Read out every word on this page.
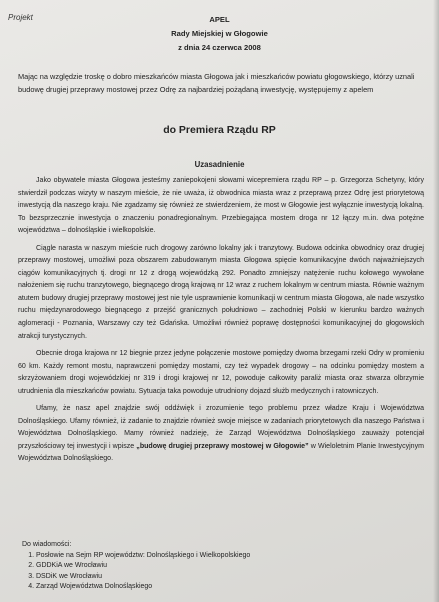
Projekt	APEL
Rady Miejskiej w Głogowie
z dnia 24 czerwca 2008

Mając na względzie troskę o dobro mieszkańców miasta Głogowa jak i mieszkańców powiatu głogowskiego, którzy uznali budowę drugiej przeprawy mostowej przez Odrę za najbardziej pożądaną inwestycję, występujemy z apelem

do Premiera Rządu RP
Uzasadnienie

Jako obywatele miasta Głogowa jesteśmy zaniepokojeni słowami wicepremiera rządu RP – p. Grzegorza Schetyny, który stwierdził podczas wizyty w naszym mieście, że nie uważa, iż obwodnica miasta wraz z przeprawą przez Odrę jest priorytetową inwestycją dla naszego kraju. Nie zgadzamy się również ze stwierdzeniem, że most w Głogowie jest wyłącznie inwestycją lokalną. To bezsprzecznie inwestycja o znaczeniu ponadregionalnym. Przebiegająca mostem droga nr 12 łączy m.in. dwa potężne województwa – dolnośląskie i wielkopolskie.

Ciągle narasta w naszym mieście ruch drogowy zarówno lokalny jak i tranzytowy. Budowa odcinka obwodnicy oraz drugiej przeprawy mostowej, umożliwi poza obszarem zabudowanym miasta Głogowa spięcie komunikacyjne dwóch najważniejszych ciągów komunikacyjnych tj. drogi nr 12 z drogą wojewódzką 292. Ponadto zmniejszy natężenie ruchu kołowego wywołane nałożeniem się ruchu tranzytowego, biegnącego drogą krajową nr 12 wraz z ruchem lokalnym w centrum miasta. Równie ważnym atutem budowy drugiej przeprawy mostowej jest nie tyle usprawnienie komunikacji w centrum miasta Głogowa, ale nade wszystko ruchu międzynarodowego biegnącego z przejść granicznych południowo – zachodniej Polski w kierunku bardzo ważnych aglomeracji - Poznania, Warszawy czy też Gdańska. Umożliwi również poprawę dostępności komunikacyjnej do głogowskich atrakcji turystycznych.

Obecnie droga krajowa nr 12 biegnie przez jedyne połączenie mostowe pomiędzy dwoma brzegami rzeki Odry w promieniu 60 km. Każdy remont mostu, naprawczeni pomiędzy mostami, czy też wypadek drogowy – na odcinku pomiędzy mostem a skrzyżowaniem drogi wojewódzkiej nr 319 i drogi krajowej nr 12, powoduje całkowity paraliż miasta oraz stwarza olbrzymie utrudnienia dla mieszkańców powiatu. Sytuacja taka powoduje utrudniony dojazd służb medycznych i ratowniczych.

Ufamy, że nasz apel znajdzie swój oddźwięk i zrozumienie tego problemu przez władze Kraju i Województwa Dolnośląskiego. Ufamy również, iż zadanie to znajdzie również swoje miejsce w zadaniach priorytetowych dla naszego Państwa i Województwa Dolnośląskiego. Mamy również nadzieję, że Zarząd Województwa Dolnośląskiego zauważy potencjał przyszłościowy tej inwestycji i wpisze „budowę drugiej przeprawy mostowej w Głogowie” w Wieloletnim Planie Inwestycyjnym Województwa Dolnośląskiego.

Do wiadomości:
1. Posłowie na Sejm RP województw: Dolnośląskiego i Wielkopolskiego
2. GDDKiA we Wrocławiu
3. DSDiK we Wrocławiu
4. Zarząd Województwa Dolnośląskiego
